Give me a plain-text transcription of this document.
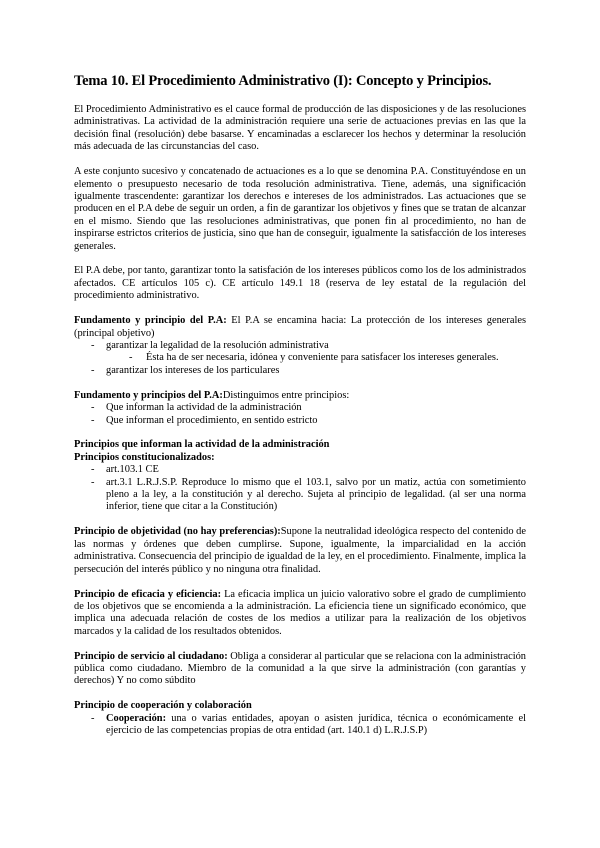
Tema 10. El Procedimiento Administrativo (I): Concepto y Principios.

El Procedimiento Administrativo es el cauce formal de producción de las disposiciones y de las resoluciones administrativas. La actividad de la administración requiere una serie de actuaciones previas en las que la decisión final (resolución) debe basarse. Y encaminadas a esclarecer los hechos y determinar la resolución más adecuada de las circunstancias del caso.

A este conjunto sucesivo y concatenado de actuaciones es a lo que se denomina P.A. Constituyéndose en un elemento o presupuesto necesario de toda resolución administrativa. Tiene, además, una significación igualmente trascendente: garantizar los derechos e intereses de los administrados. Las actuaciones que se producen en el P.A debe de seguir un orden, a fin de garantizar los objetivos y fines que se tratan de alcanzar en el mismo. Siendo que las resoluciones administrativas, que ponen fin al procedimiento, no han de inspirarse estrictos criterios de justicia, sino que han de conseguir, igualmente la satisfacción de los intereses generales.

El P.A debe, por tanto, garantizar tonto la satisfación de los intereses públicos como los de los administrados afectados. CE artículos 105 c). CE artículo 149.1 18 (reserva de ley estatal de la regulación del procedimiento administrativo.

Fundamento y principio del P.A: El P.A se encamina hacia: La protección de los intereses generales (principal objetivo)

- garantizar la legalidad de la resolución administrativa
- Ésta ha de ser necesaria, idónea y conveniente para satisfacer los intereses generales.
- garantizar los intereses de los particulares

Fundamento y principios del P.A:Distinguimos entre principios:

- Que informan la actividad de la administración
- Que informan el procedimiento, en sentido estricto

Principios que informan la actividad de la administración

Principios constitucionalizados:

- art.103.1 CE
- art.3.1 L.R.J.S.P. Reproduce lo mismo que el 103.1, salvo por un matiz, actúa con sometimiento pleno a la ley, a la constitución y al derecho. Sujeta al principio de legalidad. (al ser una norma inferior, tiene que citar a la Constitución)

Principio de objetividad (no hay preferencias):Supone la neutralidad ideológica respecto del contenido de las normas y órdenes que deben cumplirse. Supone, igualmente, la imparcialidad en la acción administrativa. Consecuencia del principio de igualdad de la ley, en el procedimiento. Finalmente, implica la persecución del interés público y no ninguna otra finalidad.

Principio de eficacia y eficiencia: La eficacia implica un juicio valorativo sobre el grado de cumplimiento de los objetivos que se encomienda a la administración. La eficiencia tiene un significado económico, que implica una adecuada relación de costes de los medios a utilizar para la realización de los objetivos marcados y la calidad de los resultados obtenidos.

Principio de servicio al ciudadano: Obliga a considerar al particular que se relaciona con la administración pública como ciudadano. Miembro de la comunidad a la que sirve la administración (con garantías y derechos) Y no como súbdito

Principio de cooperación y colaboración

- Cooperación: una o varias entidades, apoyan o asisten jurídica, técnica o económicamente el ejercicio de las competencias propias de otra entidad (art. 140.1 d) L.R.J.S.P)
